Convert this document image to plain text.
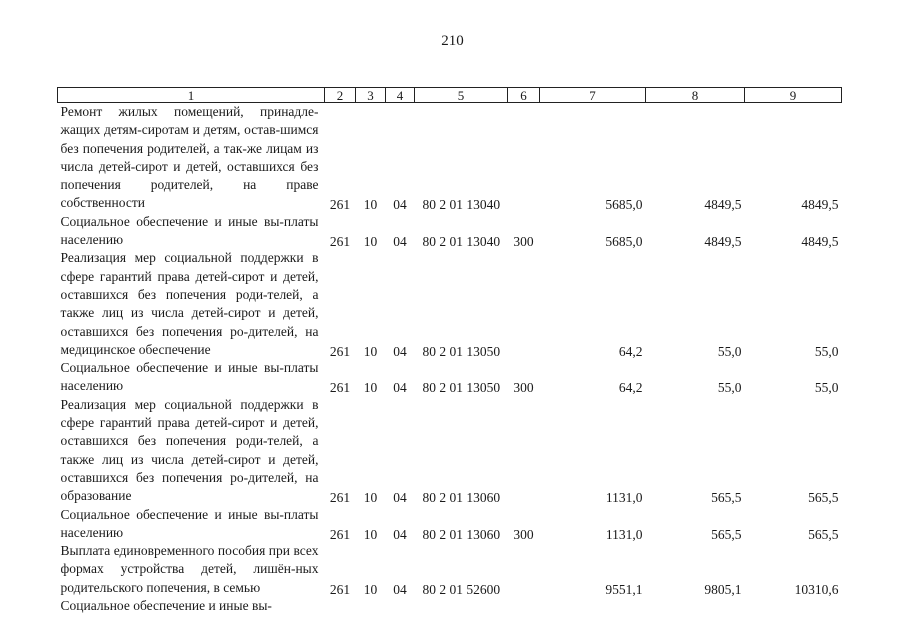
210
1	2	3	4	5	6	7	8	9
Ремонт жилых помещений, принадле-жащих детям-сиротам и детям, остав-шимся без попечения родителей, а так-же лицам из числа детей-сирот и детей, оставшихся без попечения родителей, на праве собственности	261	10	04	80 2 01 13040		5685,0	4849,5	4849,5
Социальное обеспечение и иные вы-платы населению	261	10	04	80 2 01 13040	300	5685,0	4849,5	4849,5
Реализация мер социальной поддержки в сфере гарантий права детей-сирот и детей, оставшихся без попечения роди-телей, а также лиц из числа детей-сирот и детей, оставшихся без попечения ро-дителей, на медицинское обеспечение	261	10	04	80 2 01 13050		64,2	55,0	55,0
Социальное обеспечение и иные вы-платы населению	261	10	04	80 2 01 13050	300	64,2	55,0	55,0
Реализация мер социальной поддержки в сфере гарантий права детей-сирот и детей, оставшихся без попечения роди-телей, а также лиц из числа детей-сирот и детей, оставшихся без попечения ро-дителей, на образование	261	10	04	80 2 01 13060		1131,0	565,5	565,5
Социальное обеспечение и иные вы-платы населению	261	10	04	80 2 01 13060	300	1131,0	565,5	565,5
Выплата единовременного пособия при всех формах устройства детей, лишён-ных родительского попечения, в семью	261	10	04	80 2 01 52600		9551,1	9805,1	10310,6
Социальное обеспечение и иные вы-								
